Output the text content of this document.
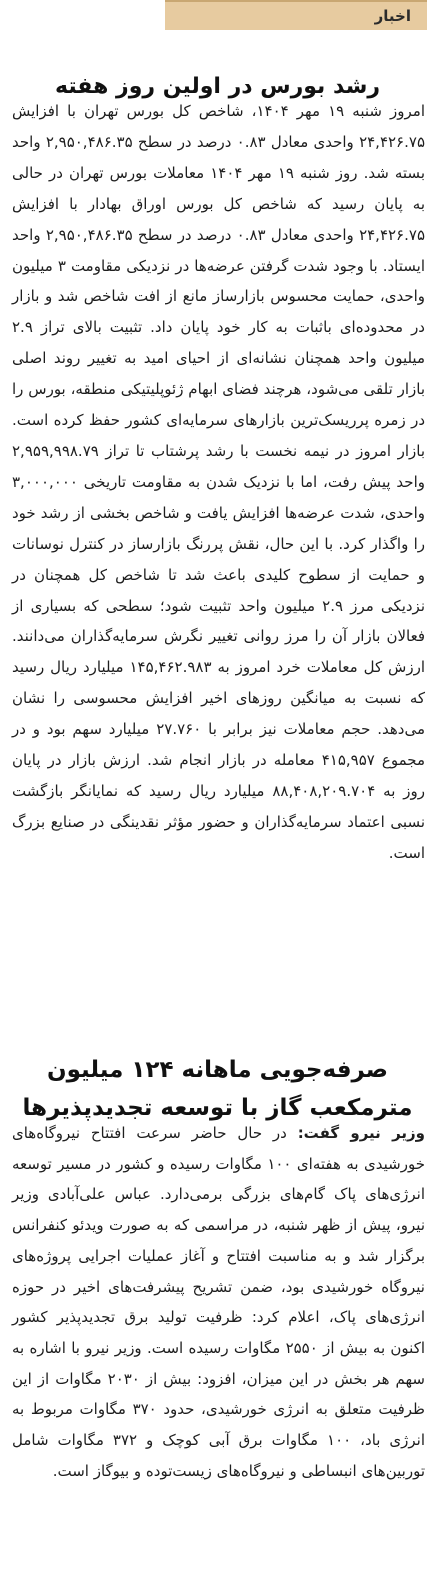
اخبار
رشد بورس در اولین روز هفته
امروز شنبه ۱۹ مهر ۱۴۰۴، شاخص کل بورس تهران با افزایش ۲۴,۴۲۶.۷۵ واحدی معادل ۰.۸۳ درصد در سطح ۲,۹۵۰,۴۸۶.۳۵ واحد بسته شد. روز شنبه ۱۹ مهر ۱۴۰۴ معاملات بورس تهران در حالی به پایان رسید که شاخص کل بورس اوراق بهادار با افزایش ۲۴,۴۲۶.۷۵ واحدی معادل ۰.۸۳ درصد در سطح ۲,۹۵۰,۴۸۶.۳۵ واحد ایستاد. با وجود شدت گرفتن عرضه‌ها در نزدیکی مقاومت ۳ میلیون واحدی، حمایت محسوس بازارساز مانع از افت شاخص شد و بازار در محدوده‌ای باثبات به کار خود پایان داد. تثبیت بالای تراز ۲.۹ میلیون واحد همچنان نشانه‌ای از احیای امید به تغییر روند اصلی بازار تلقی می‌شود، هرچند فضای ابهام ژئوپلیتیکی منطقه، بورس را در زمره پرریسک‌ترین بازارهای سرمایه‌ای کشور حفظ کرده است. بازار امروز در نیمه نخست با رشد پرشتاب تا تراز ۲,۹۵۹,۹۹۸.۷۹ واحد پیش رفت، اما با نزدیک شدن به مقاومت تاریخی ۳,۰۰۰,۰۰۰ واحدی، شدت عرضه‌ها افزایش یافت و شاخص بخشی از رشد خود را واگذار کرد. با این حال، نقش پررنگ بازارساز در کنترل نوسانات و حمایت از سطوح کلیدی باعث شد تا شاخص کل همچنان در نزدیکی مرز ۲.۹ میلیون واحد تثبیت شود؛ سطحی که بسیاری از فعالان بازار آن را مرز روانی تغییر نگرش سرمایه‌گذاران می‌دانند. ارزش کل معاملات خرد امروز به ۱۴۵,۴۶۲.۹۸۳ میلیارد ریال رسید که نسبت به میانگین روزهای اخیر افزایش محسوسی را نشان می‌دهد. حجم معاملات نیز برابر با ۲۷.۷۶۰ میلیارد سهم بود و در مجموع ۴۱۵,۹۵۷ معامله در بازار انجام شد. ارزش بازار در پایان روز به ۸۸,۴۰۸,۲۰۹.۷۰۴ میلیارد ریال رسید که نمایانگر بازگشت نسبی اعتماد سرمایه‌گذاران و حضور مؤثر نقدینگی در صنایع بزرگ است.
صرفه‌جویی ماهانه ۱۲۴ میلیون مترمکعب گاز با توسعه تجدیدپذیرها
وزیر نیرو گفت: در حال حاضر سرعت افتتاح نیروگاه‌های خورشیدی به هفته‌ای ۱۰۰ مگاوات رسیده و کشور در مسیر توسعه انرژی‌های پاک گام‌های بزرگی برمی‌دارد. عباس علی‌آبادی وزیر نیرو، پیش از ظهر شنبه، در مراسمی که به صورت ویدئو کنفرانس برگزار شد و به مناسبت افتتاح و آغاز عملیات اجرایی پروژه‌های نیروگاه خورشیدی بود، ضمن تشریح پیشرفت‌های اخیر در حوزه انرژی‌های پاک، اعلام کرد: ظرفیت تولید برق تجدیدپذیر کشور اکنون به بیش از ۲۵۵۰ مگاوات رسیده است. وزیر نیرو با اشاره به سهم هر بخش در این میزان، افزود: بیش از ۲۰۳۰ مگاوات از این ظرفیت متعلق به انرژی خورشیدی، حدود ۳۷۰ مگاوات مربوط به انرژی باد، ۱۰۰ مگاوات برق آبی کوچک و ۳۷۲ مگاوات شامل توربین‌های انبساطی و نیروگاه‌های زیست‌توده و بیوگاز است.
